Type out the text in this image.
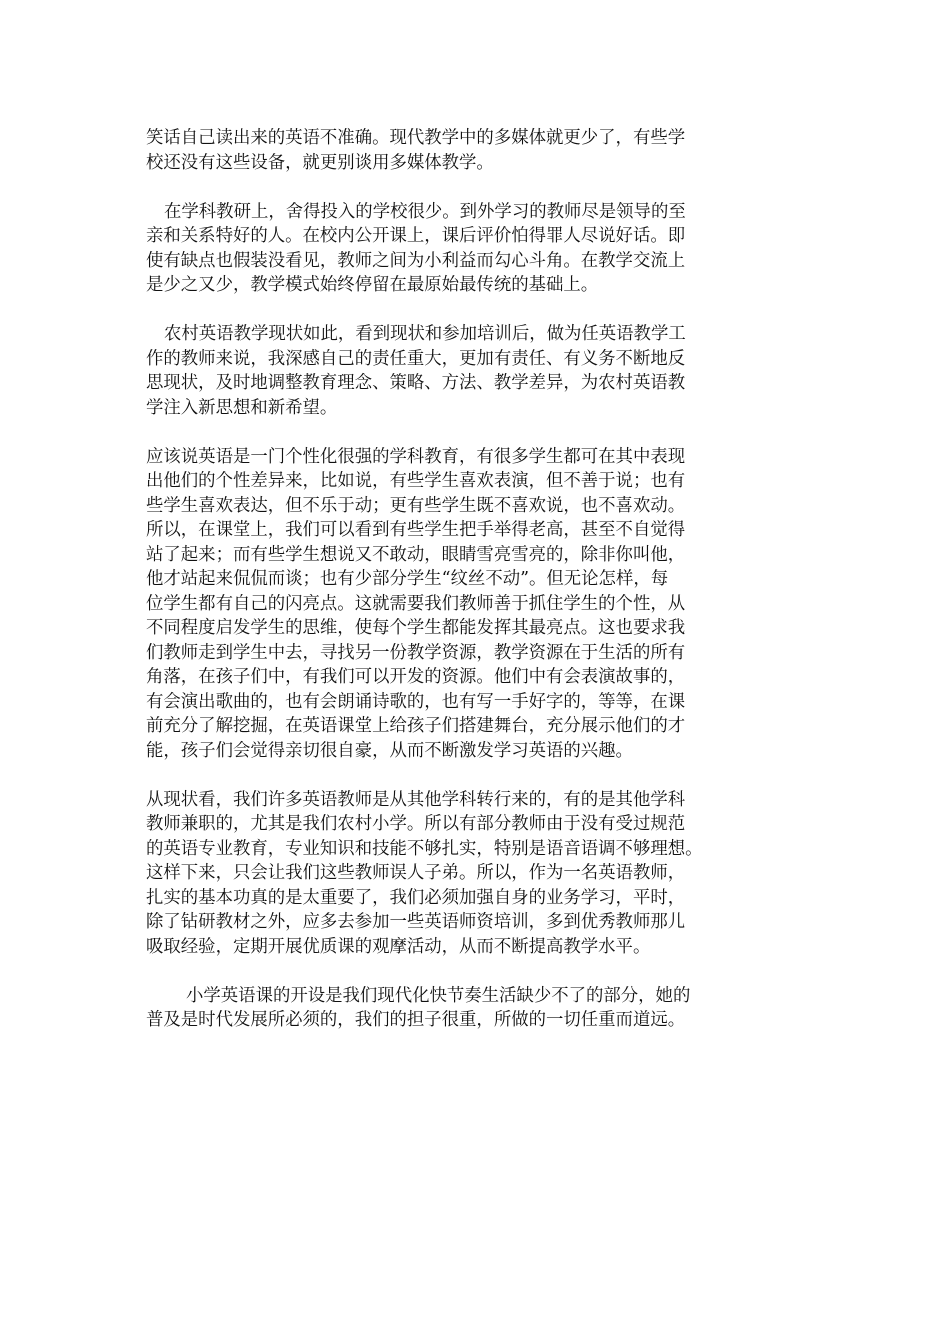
笑话自己读出来的英语不准确。现代教学中的多媒体就更少了，有些学
校还没有这些设备，就更别谈用多媒体教学。
在学科教研上，舍得投入的学校很少。到外学习的教师尽是领导的至
亲和关系特好的人。在校内公开课上，课后评价怕得罪人尽说好话。即
使有缺点也假装没看见，教师之间为小利益而勾心斗角。在教学交流上
是少之又少，教学模式始终停留在最原始最传统的基础上。
农村英语教学现状如此，看到现状和参加培训后，做为任英语教学工
作的教师来说，我深感自己的责任重大，更加有责任、有义务不断地反
思现状，及时地调整教育理念、策略、方法、教学差异，为农村英语教
学注入新思想和新希望。
应该说英语是一门个性化很强的学科教育，有很多学生都可在其中表现
出他们的个性差异来，比如说，有些学生喜欢表演，但不善于说；也有
些学生喜欢表达，但不乐于动；更有些学生既不喜欢说，也不喜欢动。
所以，在课堂上，我们可以看到有些学生把手举得老高，甚至不自觉得
站了起来；而有些学生想说又不敢动，眼睛雪亮雪亮的，除非你叫他，
他才站起来侃侃而谈；也有少部分学生“纹丝不动”。但无论怎样，每
位学生都有自己的闪亮点。这就需要我们教师善于抓住学生的个性，从
不同程度启发学生的思维，使每个学生都能发挥其最亮点。这也要求我
们教师走到学生中去，寻找另一份教学资源，教学资源在于生活的所有
角落，在孩子们中，有我们可以开发的资源。他们中有会表演故事的，
有会演出歌曲的，也有会朗诵诗歌的，也有写一手好字的，等等，在课
前充分了解挖掘，在英语课堂上给孩子们搭建舞台，充分展示他们的才
能，孩子们会觉得亲切很自豪，从而不断激发学习英语的兴趣。
从现状看，我们许多英语教师是从其他学科转行来的，有的是其他学科
教师兼职的，尤其是我们农村小学。所以有部分教师由于没有受过规范
的英语专业教育，专业知识和技能不够扎实，特别是语音语调不够理想。
这样下来，只会让我们这些教师误人子弟。所以，作为一名英语教师，
扎实的基本功真的是太重要了，我们必须加强自身的业务学习，平时，
除了钻研教材之外，应多去参加一些英语师资培训，多到优秀教师那儿
吸取经验，定期开展优质课的观摩活动，从而不断提高教学水平。
小学英语课的开设是我们现代化快节奏生活缺少不了的部分，她的
普及是时代发展所必须的，我们的担子很重，所做的一切任重而道远。
